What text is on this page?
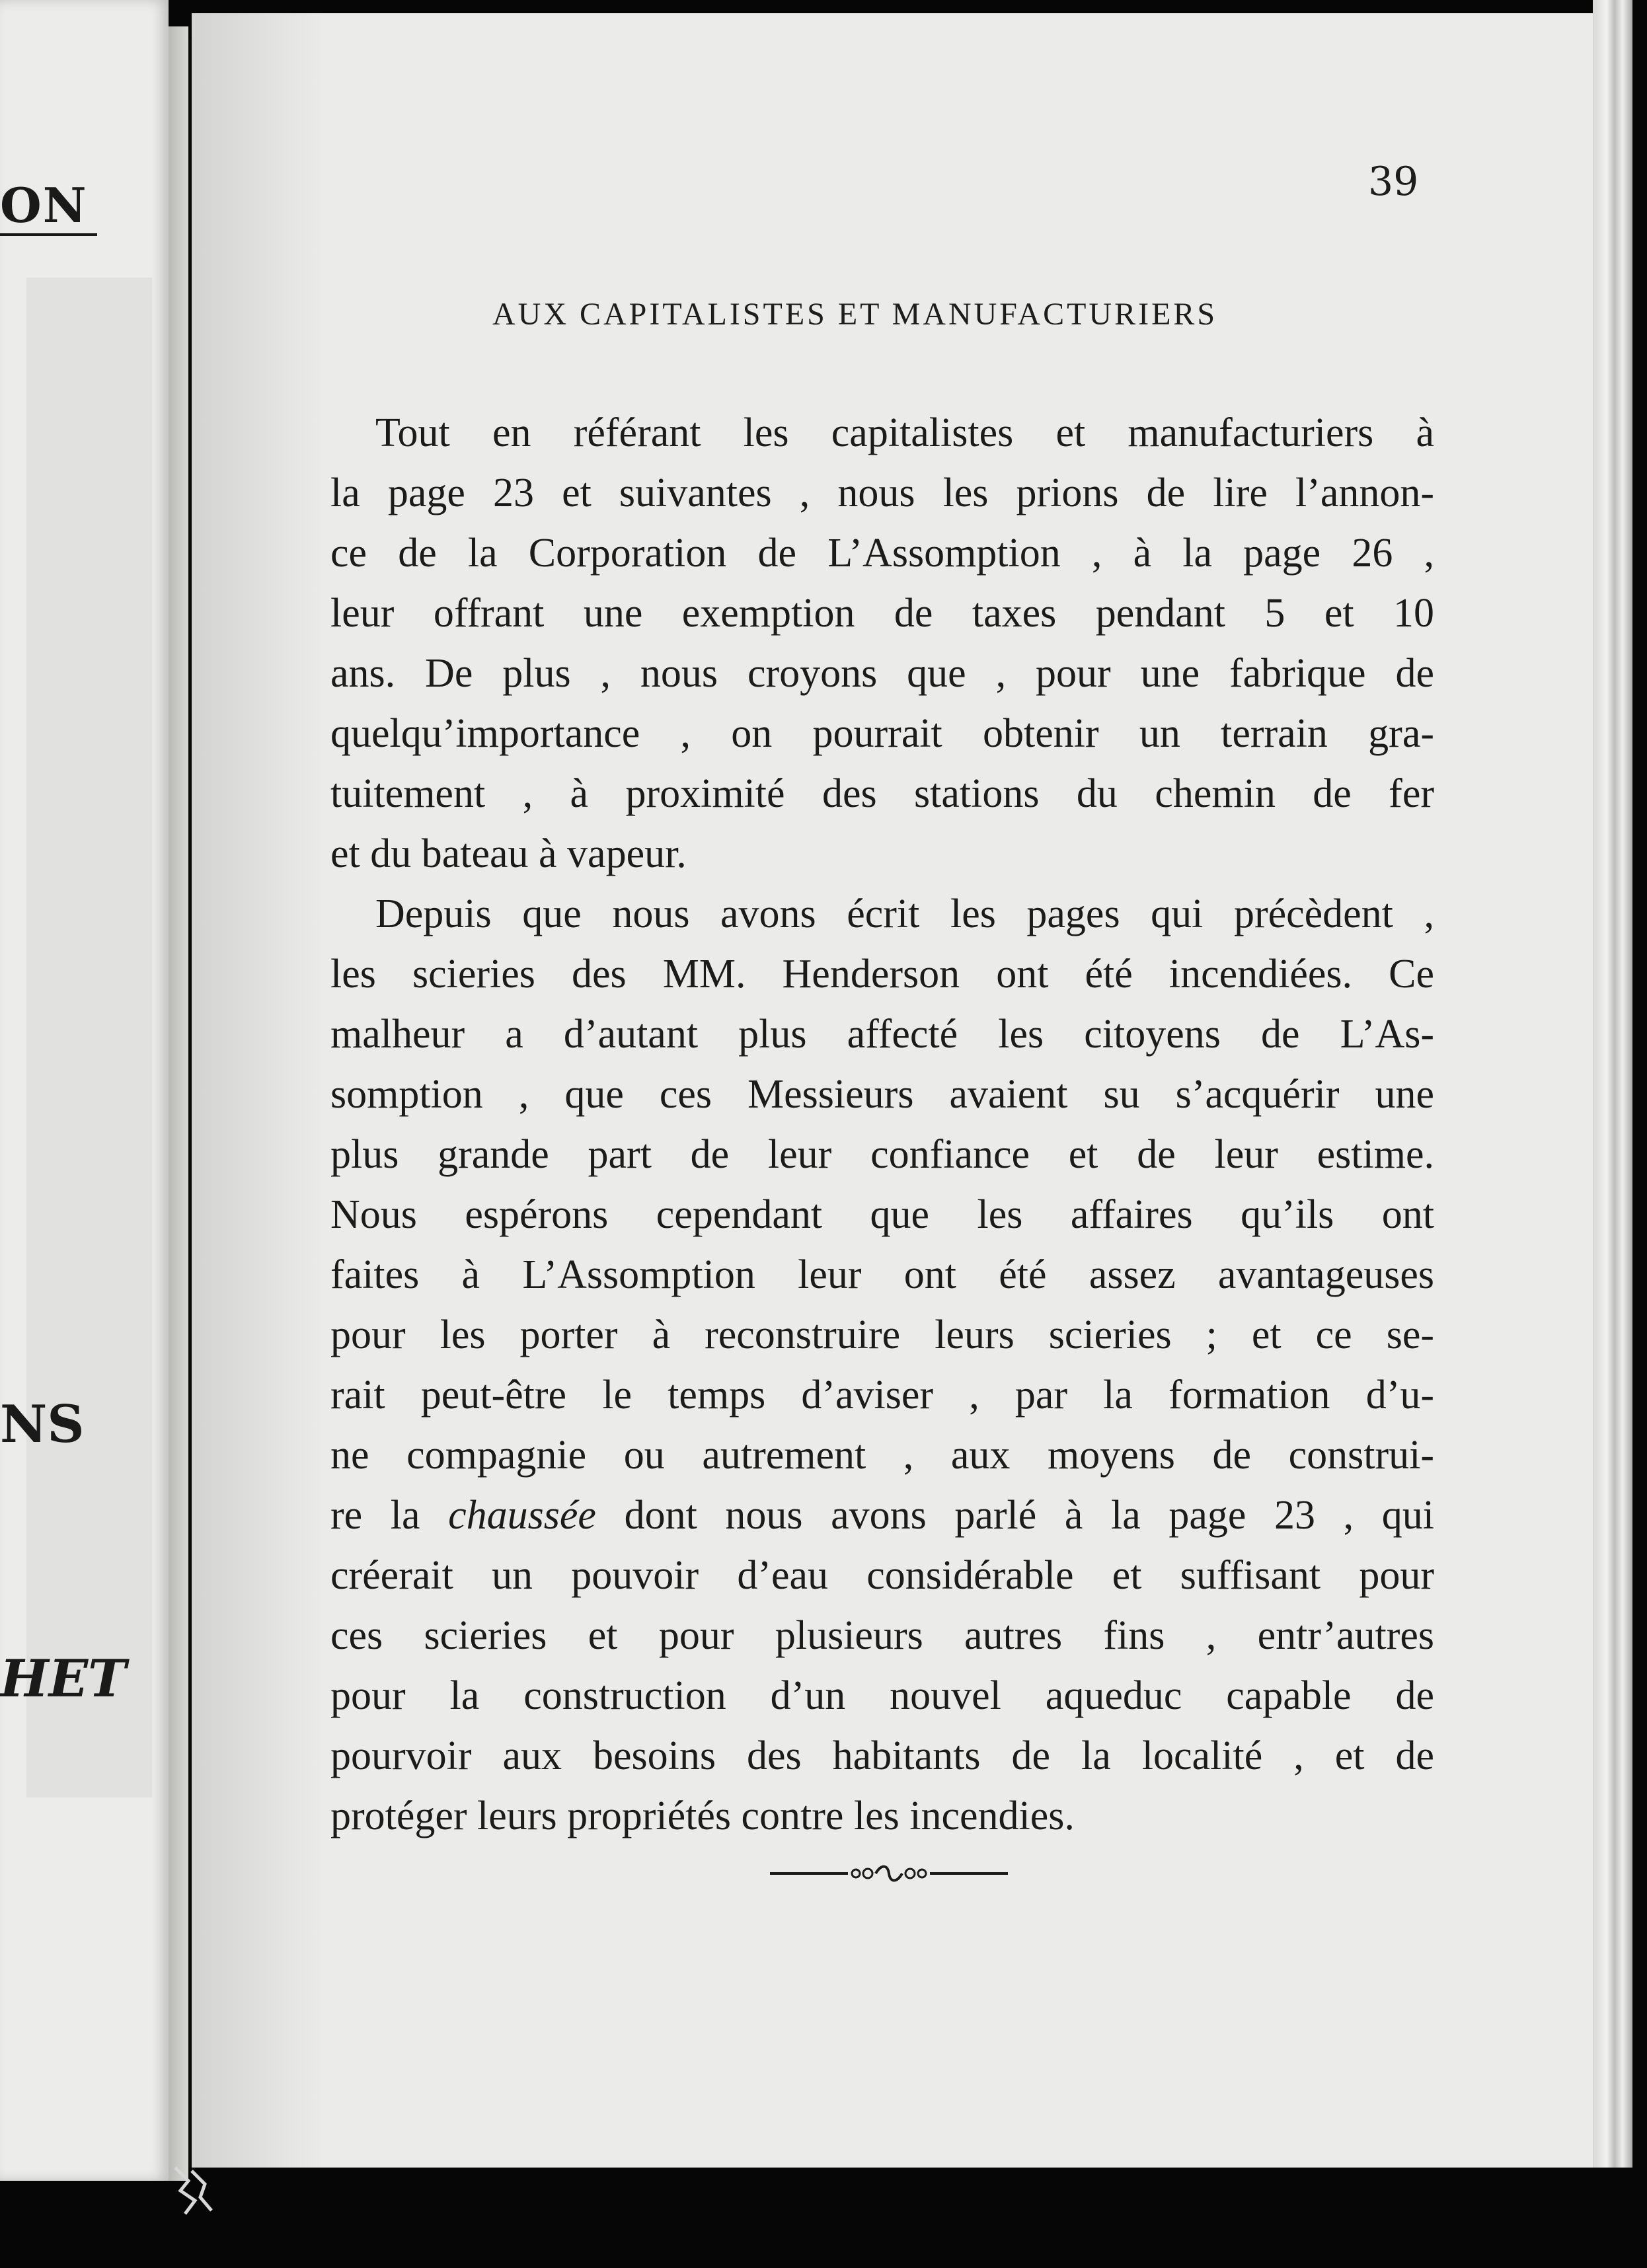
ON
NS
HET
39
AUX CAPITALISTES ET MANUFACTURIERS
Tout en référant les capitalistes et manufacturiers à
la page 23 et suivantes , nous les prions de lire l’annon-
ce de la Corporation de L’Assomption , à la page 26 ,
leur offrant une exemption de taxes pendant 5 et 10
ans. De plus , nous croyons que , pour une fabrique de
quelqu’importance , on pourrait obtenir un terrain gra-
tuitement , à proximité des stations du chemin de fer
et du bateau à vapeur.
Depuis que nous avons écrit les pages qui précèdent ,
les scieries des MM. Henderson ont été incendiées. Ce
malheur a d’autant plus affecté les citoyens de L’As-
somption , que ces Messieurs avaient su s’acquérir une
plus grande part de leur confiance et de leur estime.
Nous espérons cependant que les affaires qu’ils ont
faites à L’Assomption leur ont été assez avantageuses
pour les porter à reconstruire leurs scieries ; et ce se-
rait peut-être le temps d’aviser , par la formation d’u-
ne compagnie ou autrement , aux moyens de construi-
re la chaussée dont nous avons parlé à la page 23 , qui
créerait un pouvoir d’eau considérable et suffisant pour
ces scieries et pour plusieurs autres fins , entr’autres
pour la construction d’un nouvel aqueduc capable de
pourvoir aux besoins des habitants de la localité , et de
protéger leurs propriétés contre les incendies.
